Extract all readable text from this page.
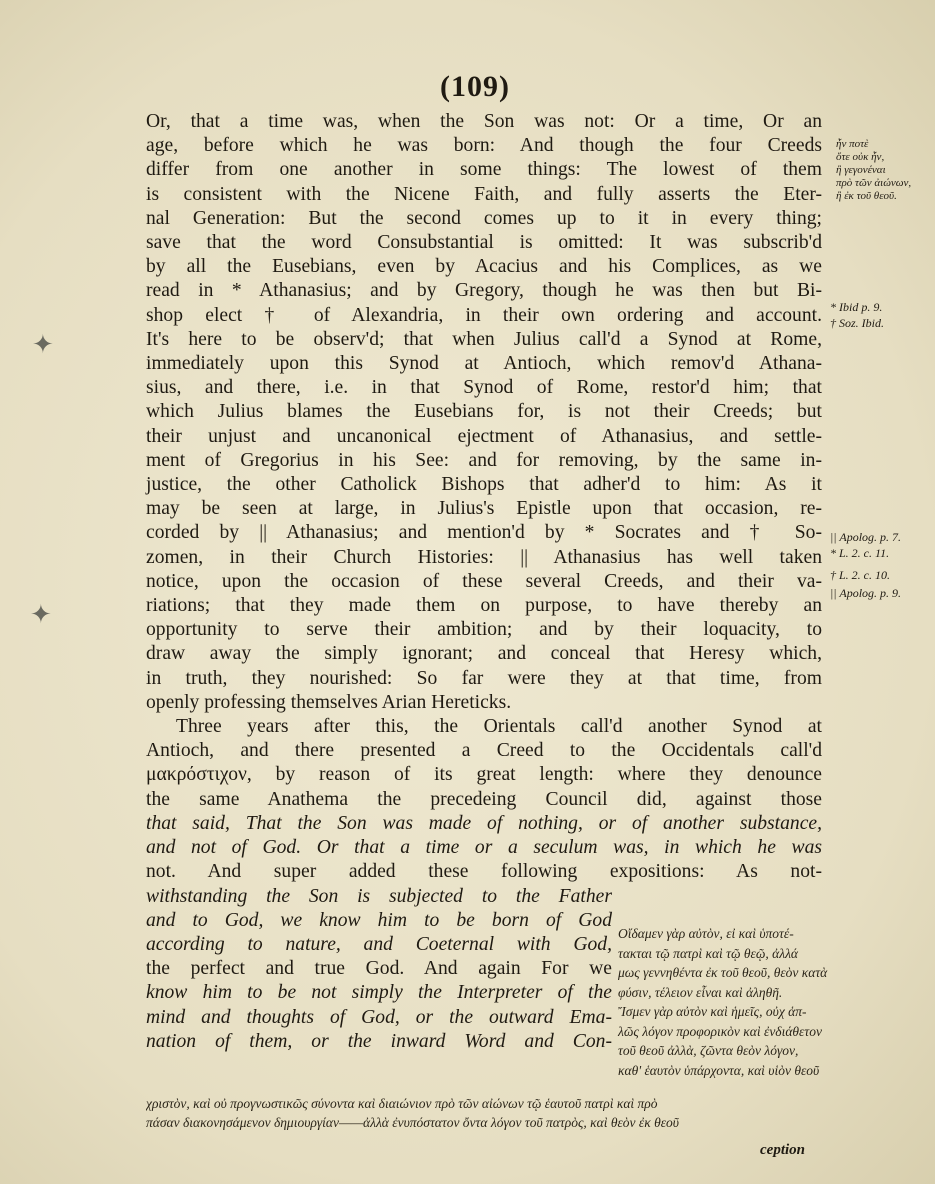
(109)
✦
✦
Or, that a time was, when the Son was not: Or a time, Or an
age, before which he was born: And though the four Creeds
differ from one another in some things: The lowest of them
is consistent with the Nicene Faith, and fully asserts the Eter-
nal Generation: But the second comes up to it in every thing;
save that the word Consubstantial is omitted: It was subscrib'd
by all the Eusebians, even by Acacius and his Complices, as we
read in * Athanasius; and by Gregory, though he was then but Bi-
shop elect † of Alexandria, in their own ordering and account.
It's here to be observ'd; that when Julius call'd a Synod at Rome,
immediately upon this Synod at Antioch, which remov'd Athana-
sius, and there, i.e. in that Synod of Rome, restor'd him; that
which Julius blames the Eusebians for, is not their Creeds; but
their unjust and uncanonical ejectment of Athanasius, and settle-
ment of Gregorius in his See: and for removing, by the same in-
justice, the other Catholick Bishops that adher'd to him: As it
may be seen at large, in Julius's Epistle upon that occasion, re-
corded by || Athanasius; and mention'd by * Socrates and † So-
zomen, in their Church Histories: || Athanasius has well taken
notice, upon the occasion of these several Creeds, and their va-
riations; that they made them on purpose, to have thereby an
opportunity to serve their ambition; and by their loquacity, to
draw away the simply ignorant; and conceal that Heresy which,
in truth, they nourished: So far were they at that time, from
openly professing themselves Arian Hereticks.
Three years after this, the Orientals call'd another Synod at
Antioch, and there presented a Creed to the Occidentals call'd
μακρόστιχον, by reason of its great length: where they denounce
the same Anathema the precedeing Council did, against those
that said, That the Son was made of nothing, or of another substance,
and not of God. Or that a time or a seculum was, in which he was
not. And super added these following expositions: As not-
withstanding the Son is subjected to the Father
and to God, we know him to be born of God
according to nature, and Coeternal with God,
the perfect and true God. And again For we
know him to be not simply the Interpreter of the
mind and thoughts of God, or the outward Ema-
nation of them, or the inward Word and Con-
ἦν ποτὲ
ὅτε οὐκ ἦν,
ἢ γεγονέναι
πρὸ τῶν ἀιώνων,
ἢ ἐκ τοῦ θεοῦ.
* Ibid p. 9.
† Soz. Ibid.
|| Apolog. p. 7.
* L. 2. c. 11.
† L. 2. c. 10.
|| Apolog. p. 9.
Οἴδαμεν γὰρ αὐτὸν, εἰ καὶ ὑποτέ-
τακται τῷ πατρὶ καὶ τῷ θεῷ, ἀλλά
μως γεννηθέντα ἐκ τοῦ θεοῦ, θεὸν κατὰ
φύσιν, τέλειον εἶναι καὶ ἀληθῆ.
Ἴσμεν γὰρ αὐτὸν καὶ ἡμεῖς, οὐχ ἁπ-
λῶς λόγον προφορικὸν καὶ ἐνδιάθετον
τοῦ θεοῦ ἀλλὰ, ζῶντα θεὸν λόγον,
καθ' ἑαυτὸν ὑπάρχοντα, καὶ υἱὸν θεοῦ
χριστὸν, καὶ οὐ προγνωστικῶς σύνοντα καὶ διαιώνιον πρὸ τῶν αἰώνων τῷ ἑαυτοῦ πατρὶ καὶ πρὸ
πάσαν διακονησάμενον δημιουργίαν——ἀλλὰ ἐνυπόστατον ὄντα λόγον τοῦ πατρὸς, καὶ θεὸν ἐκ θεοῦ
ception
